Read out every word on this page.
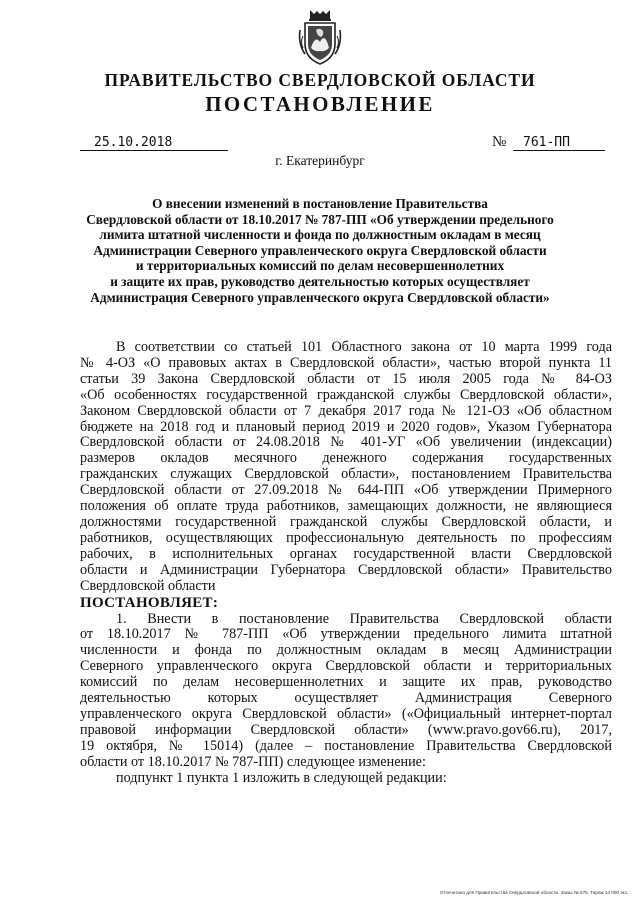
ПРАВИТЕЛЬСТВО СВЕРДЛОВСКОЙ ОБЛАСТИ
ПОСТАНОВЛЕНИЕ
25.10.2018	№	761-ПП
г. Екатеринбург
О внесении изменений в постановление Правительства
Свердловской области от 18.10.2017 № 787-ПП «Об утверждении предельного
лимита штатной численности и фонда по должностным окладам в месяц
Администрации Северного управленческого округа Свердловской области
и территориальных комиссий по делам несовершеннолетних
и защите их прав, руководство деятельностью которых осуществляет
Администрация Северного управленческого округа Свердловской области»
В соответствии со статьей 101 Областного закона от 10 марта 1999 года
№ 4-ОЗ «О правовых актах в Свердловской области», частью второй пункта 11
статьи 39 Закона Свердловской области от 15 июля 2005 года № 84-ОЗ
«Об особенностях государственной гражданской службы Свердловской области»,
Законом Свердловской области от 7 декабря 2017 года № 121-ОЗ «Об областном
бюджете на 2018 год и плановый период 2019 и 2020 годов», Указом Губернатора
Свердловской области от 24.08.2018 № 401-УГ «Об увеличении (индексации)
размеров окладов месячного денежного содержания государственных
гражданских служащих Свердловской области», постановлением Правительства
Свердловской области от 27.09.2018 № 644-ПП «Об утверждении Примерного
положения об оплате труда работников, замещающих должности, не являющиеся
должностями государственной гражданской службы Свердловской области, и
работников, осуществляющих профессиональную деятельность по профессиям
рабочих, в исполнительных органах государственной власти Свердловской
области и Администрации Губернатора Свердловской области» Правительство
Свердловской области
ПОСТАНОВЛЯЕТ:
1. Внести в постановление Правительства Свердловской области
от 18.10.2017 № 787-ПП «Об утверждении предельного лимита штатной
численности и фонда по должностным окладам в месяц Администрации
Северного управленческого округа Свердловской области и территориальных
комиссий по делам несовершеннолетних и защите их прав, руководство
деятельностью которых осуществляет Администрация Северного
управленческого округа Свердловской области» («Официальный интернет-портал
правовой информации Свердловской области» (www.pravo.gov66.ru), 2017,
19 октября, № 15014) (далее – постановление Правительства Свердловской
области от 18.10.2017 № 787-ПП) следующее изменение:
подпункт 1 пункта 1 изложить в следующей редакции:
Отпечатано для Правительства Свердловской области. Заказ № 575. Тираж 14 000 экз.
